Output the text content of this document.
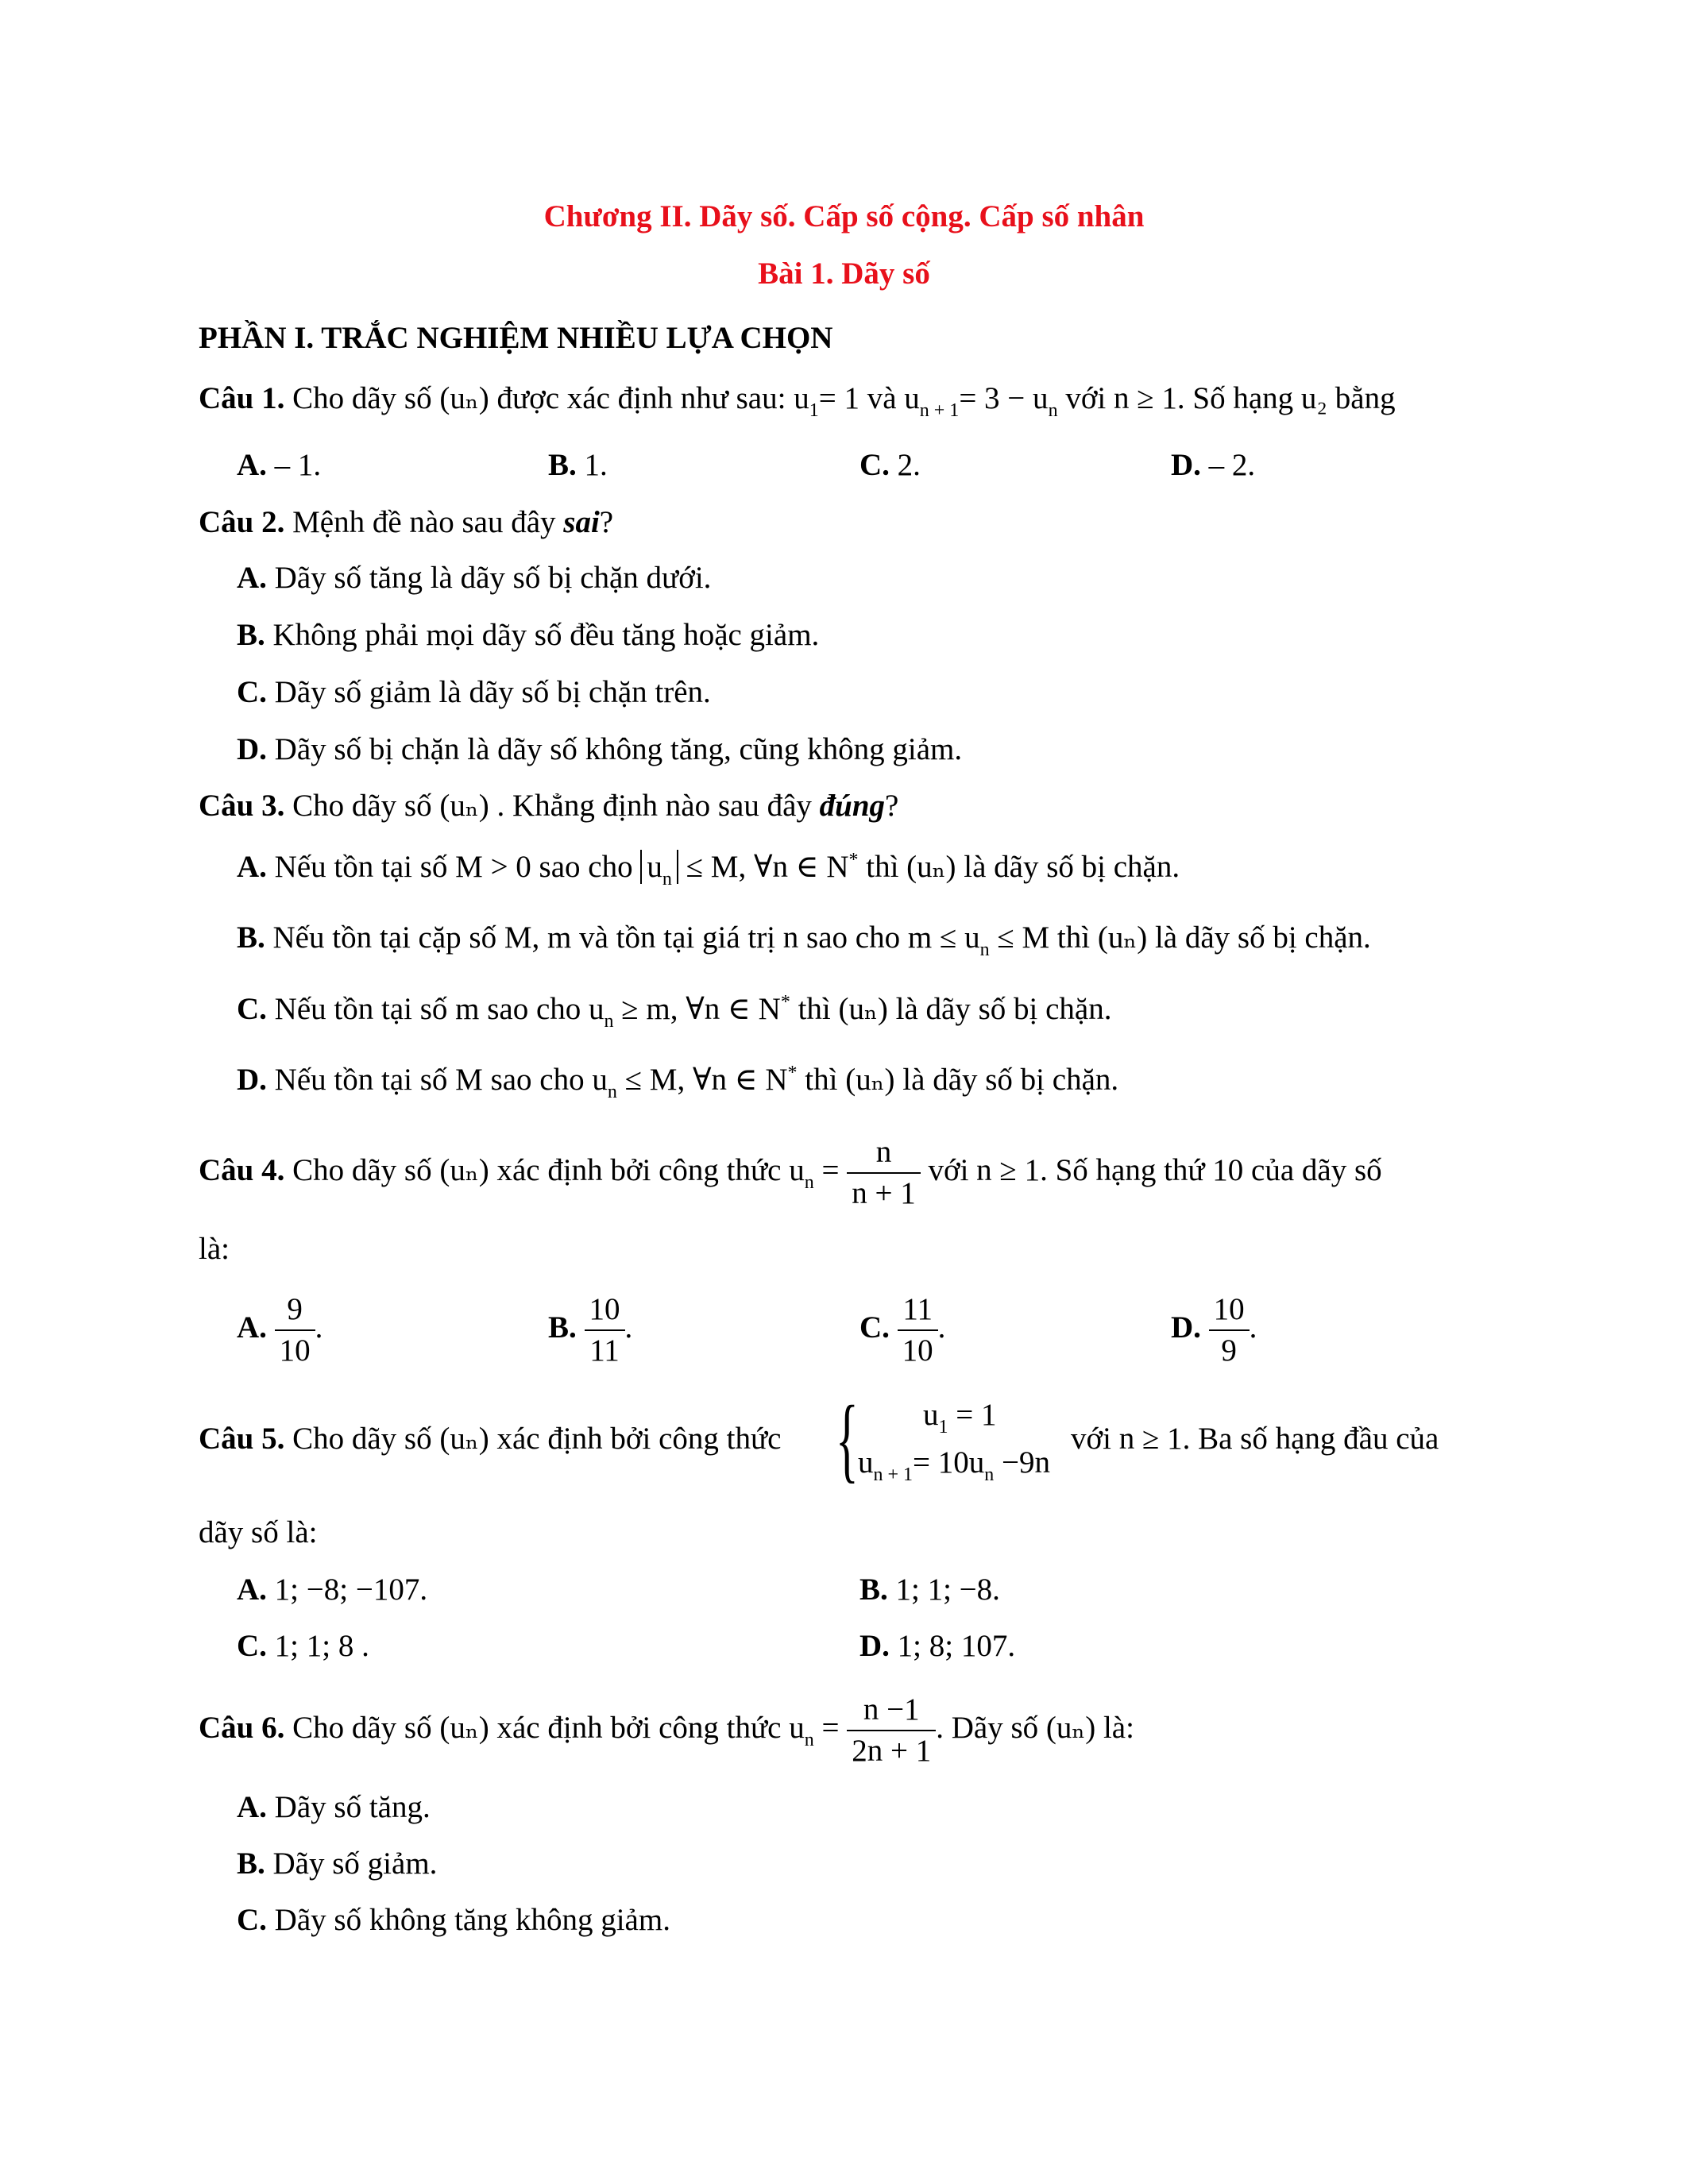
Chương II. Dãy số. Cấp số cộng. Cấp số nhân
Bài 1. Dãy số
PHẦN I. TRẮC NGHIỆM NHIỀU LỰA CHỌN
Câu 1. Cho dãy số (uₙ) được xác định như sau: $u_1= 1$ và $u_{n + 1}= 3 - u_n$ với n ≥ 1. Số hạng u₂ bằng
A. – 1.	B. 1.	C. 2.	D. – 2.
Câu 2. Mệnh đề nào sau đây sai?
A. Dãy số tăng là dãy số bị chặn dưới.
B. Không phải mọi dãy số đều tăng hoặc giảm.
C. Dãy số giảm là dãy số bị chặn trên.
D. Dãy số bị chặn là dãy số không tăng, cũng không giảm.
Câu 3. Cho dãy số (uₙ) . Khẳng định nào sau đây đúng?
A. Nếu tồn tại số M > 0 sao cho $u_n \le M$, ∀n ∈ N* thì (uₙ) là dãy số bị chặn.
B. Nếu tồn tại cặp số M, m và tồn tại giá trị n sao cho $m \le u_n \le M$ thì (uₙ) là dãy số bị chặn.
C. Nếu tồn tại số m sao cho $u_n \ge m$, ∀n ∈ N* thì (uₙ) là dãy số bị chặn.
D. Nếu tồn tại số M sao cho $u_n \le M$, ∀n ∈ N* thì (uₙ) là dãy số bị chặn.
Câu 4. Cho dãy số (uₙ) xác định bởi công thức $u_n = \frac{n}{n + 1}$ với n ≥ 1. Số hạng thứ 10 của dãy số
là:
A. $\frac{9}{10}$ .	B. $\frac{10}{11}$ .	C. $\frac{11}{10}$ .	D. $\frac{10}{9}$ .
Câu 5. Cho dãy số (uₙ) xác định bởi công thức { $u_1 = 1$
$u_{n + 1}= 10u_n -9n$
với n ≥ 1. Ba số hạng đầu của
dãy số là:
A. 1; −8; −107.	B. 1; 1; −8.
C. 1; 1; 8 .	D. 1; 8; 107.
Câu 6. Cho dãy số (uₙ) xác định bởi công thức $u_n = \frac{n -1}{2n + 1}$ . Dãy số (uₙ) là:
A. Dãy số tăng.
B. Dãy số giảm.
C. Dãy số không tăng không giảm.
